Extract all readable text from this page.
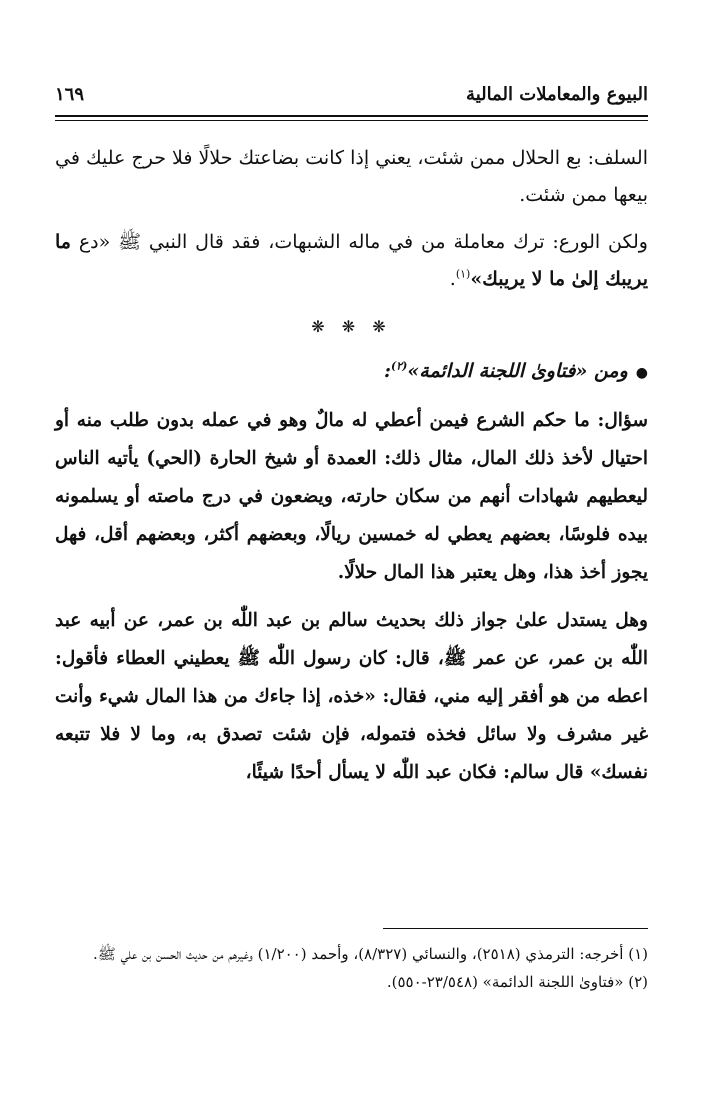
البيوع والمعاملات المالية
١٦٩

السلف: بع الحلال ممن شئت، يعني إذا كانت بضاعتك حلالًا فلا حرج عليك في بيعها ممن شئت.

ولكن الورع: ترك معاملة من في ماله الشبهات، فقد قال النبي ﷺ «دع ما يريبك إلىٰ ما لا يريبك»$^{(١)}$.

❋ ❋ ❋

●ومن «فتاوىٰ اللجنة الدائمة»$^{(٢)}$:

سؤال: ما حكم الشرع فيمن أعطي له مالٌ وهو في عمله بدون طلب منه أو احتيال لأخذ ذلك المال، مثال ذلك: العمدة أو شيخ الحارة (الحي) يأتيه الناس ليعطيهم شهادات أنهم من سكان حارته، ويضعون في درج ماصته أو يسلمونه بيده فلوسًا، بعضهم يعطي له خمسين ريالًا، وبعضهم أكثر، وبعضهم أقل، فهل يجوز أخذ هذا، وهل يعتبر هذا المال حلالًا.

وهل يستدل علىٰ جواز ذلك بحديث سالم بن عبد اللّٰه بن عمر، عن أبيه عبد اللّٰه بن عمر، عن عمر ﷺ، قال: كان رسول اللّٰه ﷺ يعطيني العطاء فأقول: اعطه من هو أفقر إليه مني، فقال: «خذه، إذا جاءك من هذا المال شيء وأنت غير مشرف ولا سائل فخذه فتموله، فإن شئت تصدق به، وما لا فلا تتبعه نفسك» قال سالم: فكان عبد اللّٰه لا يسأل أحدًا شيئًا،

(١) أخرجه: الترمذي (٢٥١٨)، والنسائي (٨/٣٢٧)، وأحمد (١/٢٠٠) وغيرهم من حديث الحسن بن علي ﷺ.

(٢) «فتاوىٰ اللجنة الدائمة» (٢٣/٥٤٨-٥٥٠).
